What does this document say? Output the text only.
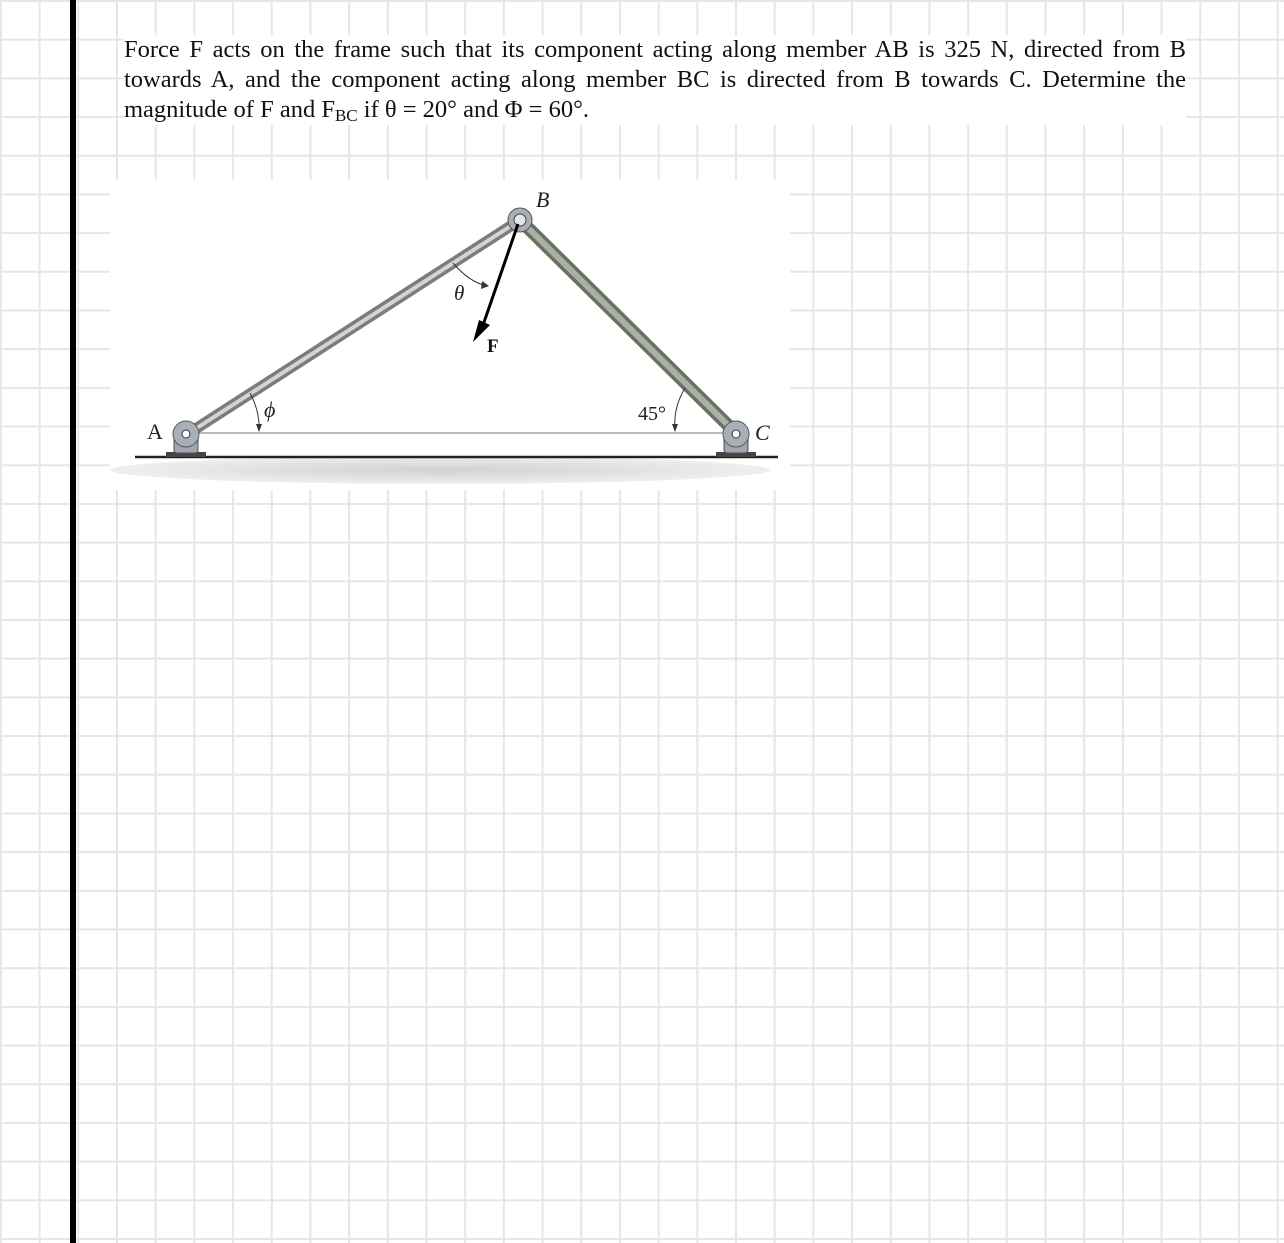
Force F acts on the frame such that its component acting along member AB is 325 N, directed from B towards A, and the component acting along member BC is directed from B towards C. Determine the magnitude of F and $F_{BC}$ if θ = 20° and Φ = 60°.
A
B
C
F
θ
ϕ	45°
